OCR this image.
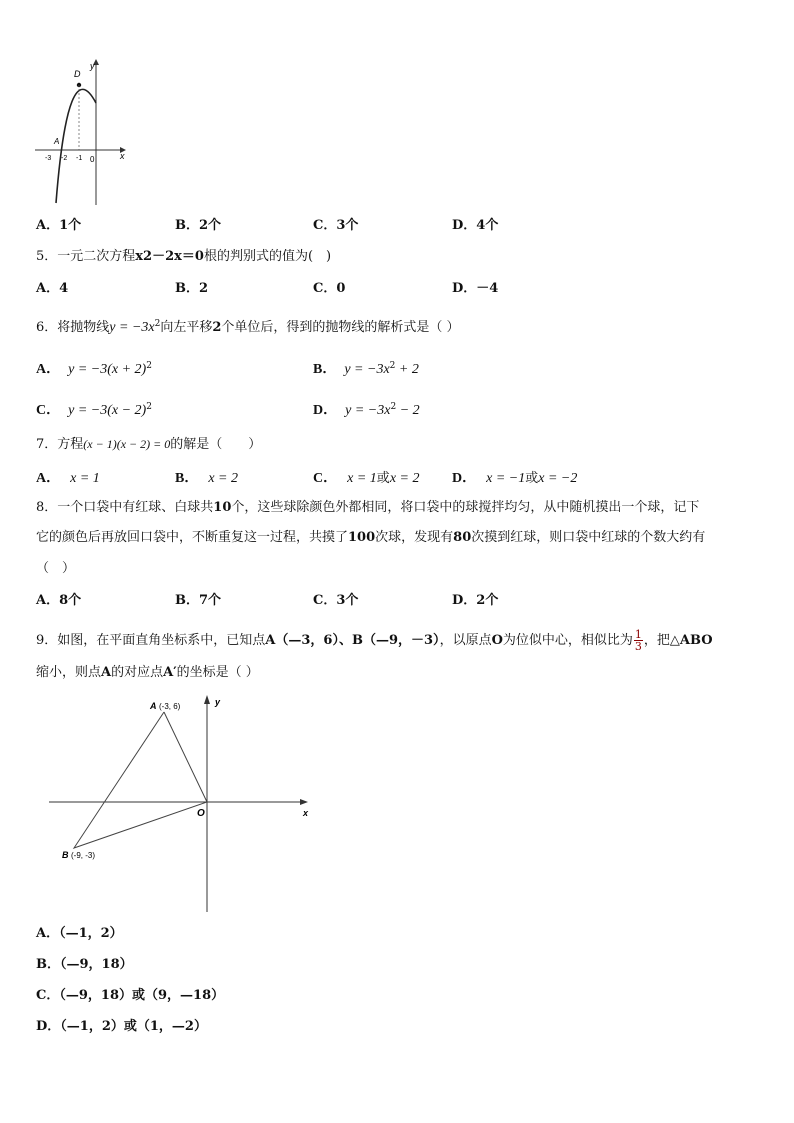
x
y
D
A
-3 -2 -1 0
A．1个	B．2个	C．3个	D．4个
5．一元二次方程x2－2x＝0根的判别式的值为(　)
A．4	B．2	C．0	D．－4
6．将抛物线$y = -3x^2$向左平移2个单位后，得到的抛物线的解析式是（ ）
A． $y = -3(x + 2)^2$	B． $y = -3x^2 + 2$
C． $y = -3(x - 2)^2$	D． $y = -3x^2 - 2$
7．方程(x − 1)(x − 2) = 0的解是（　　）
A． x = 1	B． x = 2	C． x = 1或x = 2 D． x = −1或x = −2
8．一个口袋中有红球、白球共10个，这些球除颜色外都相同，将口袋中的球搅拌均匀，从中随机摸出一个球，记下
它的颜色后再放回口袋中，不断重复这一过程，共摸了100次球，发现有80次摸到红球，则口袋中红球的个数大约有
（　）
A．8个	B．7个	C．3个	D．2个
9．如图，在平面直角坐标系中，已知点A（—3，6）、B（—9，－3），以原点O为位似中心，相似比为 $\frac{1}{3}$ ，把△ABO
缩小，则点A的对应点A′的坐标是（ ）
A (-3, 6)
B (-9, -3)
O	x
y
A．（—1，2）
B．（—9，18）
C．（—9，18）或（9，—18）
D．（—1，2）或（1，—2）
